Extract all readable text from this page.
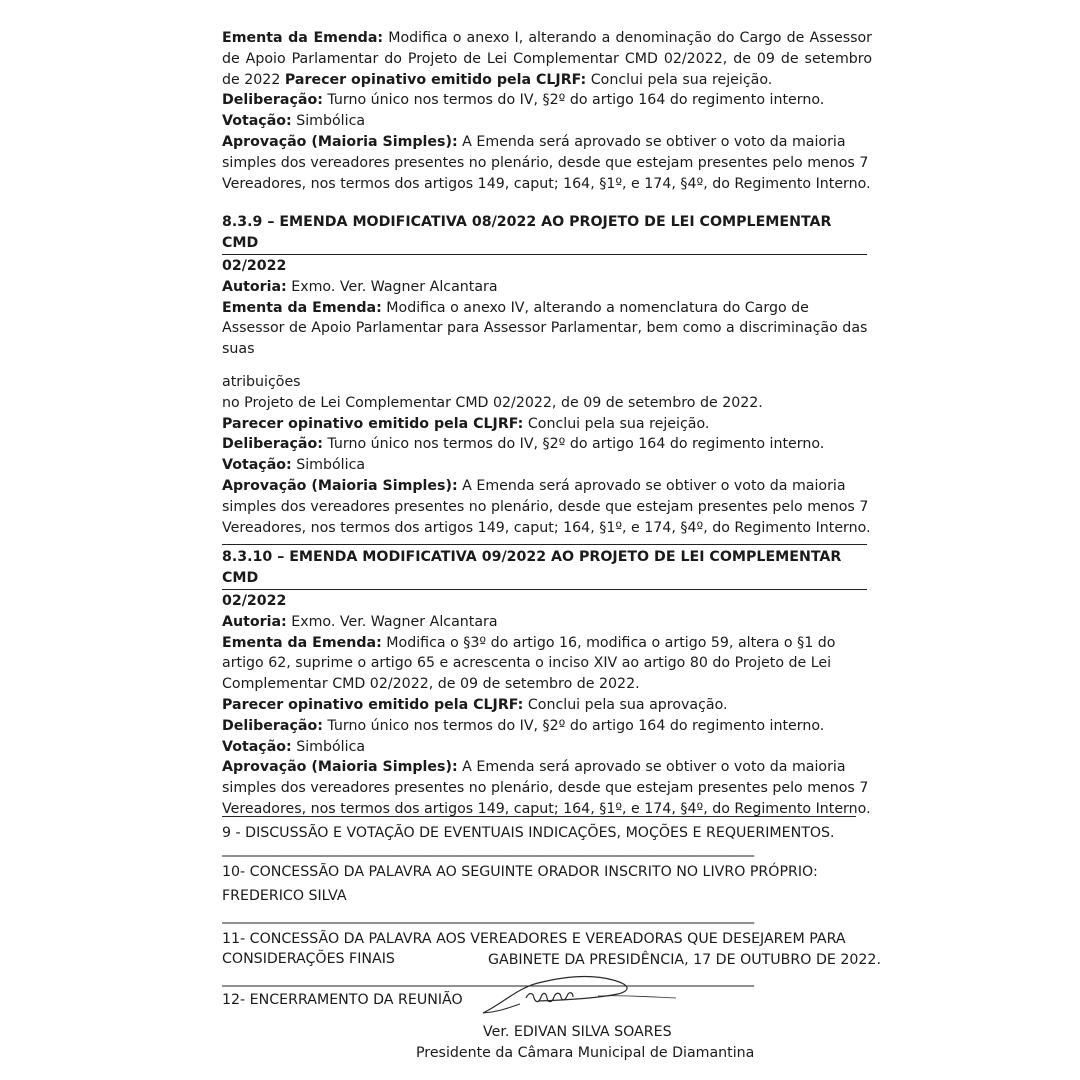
Ementa da Emenda: Modifica o anexo I, alterando a denominação do Cargo de Assessor de Apoio Parlamentar do Projeto de Lei Complementar CMD 02/2022, de 09 de setembro de 2022 Parecer opinativo emitido pela CLJRF: Conclui pela sua rejeição.

Deliberação: Turno único nos termos do IV, §2º do artigo 164 do regimento interno.

Votação: Simbólica

Aprovação (Maioria Simples): A Emenda será aprovado se obtiver o voto da maioria simples dos vereadores presentes no plenário, desde que estejam presentes pelo menos 7 Vereadores, nos termos dos artigos 149, caput; 164, §1º, e 174, §4º, do Regimento Interno.

8.3.9 – EMENDA MODIFICATIVA 08/2022 AO PROJETO DE LEI COMPLEMENTAR CMD
02/2022

Autoria: Exmo. Ver. Wagner Alcantara

Ementa da Emenda: Modifica o anexo IV, alterando a nomenclatura do Cargo de Assessor de Apoio Parlamentar para Assessor Parlamentar, bem como a discriminação das suas

atribuições

no Projeto de Lei Complementar CMD 02/2022, de 09 de setembro de 2022.

Parecer opinativo emitido pela CLJRF: Conclui pela sua rejeição.

Deliberação: Turno único nos termos do IV, §2º do artigo 164 do regimento interno.

Votação: Simbólica

Aprovação (Maioria Simples): A Emenda será aprovado se obtiver o voto da maioria simples dos vereadores presentes no plenário, desde que estejam presentes pelo menos 7 Vereadores, nos termos dos artigos 149, caput; 164, §1º, e 174, §4º, do Regimento Interno.

8.3.10 – EMENDA MODIFICATIVA 09/2022 AO PROJETO DE LEI COMPLEMENTAR CMD
02/2022

Autoria: Exmo. Ver. Wagner Alcantara

Ementa da Emenda: Modifica o §3º do artigo 16, modifica o artigo 59, altera o §1 do artigo 62, suprime o artigo 65 e acrescenta o inciso XIV ao artigo 80 do Projeto de Lei Complementar CMD 02/2022, de 09 de setembro de 2022.

Parecer opinativo emitido pela CLJRF: Conclui pela sua aprovação.

Deliberação: Turno único nos termos do IV, §2º do artigo 164 do regimento interno.

Votação: Simbólica

Aprovação (Maioria Simples): A Emenda será aprovado se obtiver o voto da maioria simples dos vereadores presentes no plenário, desde que estejam presentes pelo menos 7 Vereadores, nos termos dos artigos 149, caput; 164, §1º, e 174, §4º, do Regimento Interno.

9 - DISCUSSÃO E VOTAÇÃO DE EVENTUAIS INDICAÇÕES, MOÇÕES E REQUERIMENTOS.

___________________________________________________________________________

10- CONCESSÃO DA PALAVRA AO SEGUINTE ORADOR INSCRITO NO LIVRO PRÓPRIO:

FREDERICO SILVA

___________________________________________________________________________

11- CONCESSÃO DA PALAVRA AOS VEREADORES E VEREADORAS QUE DESEJAREM PARA

CONSIDERAÇÕES FINAIS

___________________________________________________________________________

12- ENCERRAMENTO DA REUNIÃO

GABINETE DA PRESIDÊNCIA, 17 DE OUTUBRO DE 2022.
Ver. EDIVAN SILVA SOARES
Presidente da Câmara Municipal de Diamantina
